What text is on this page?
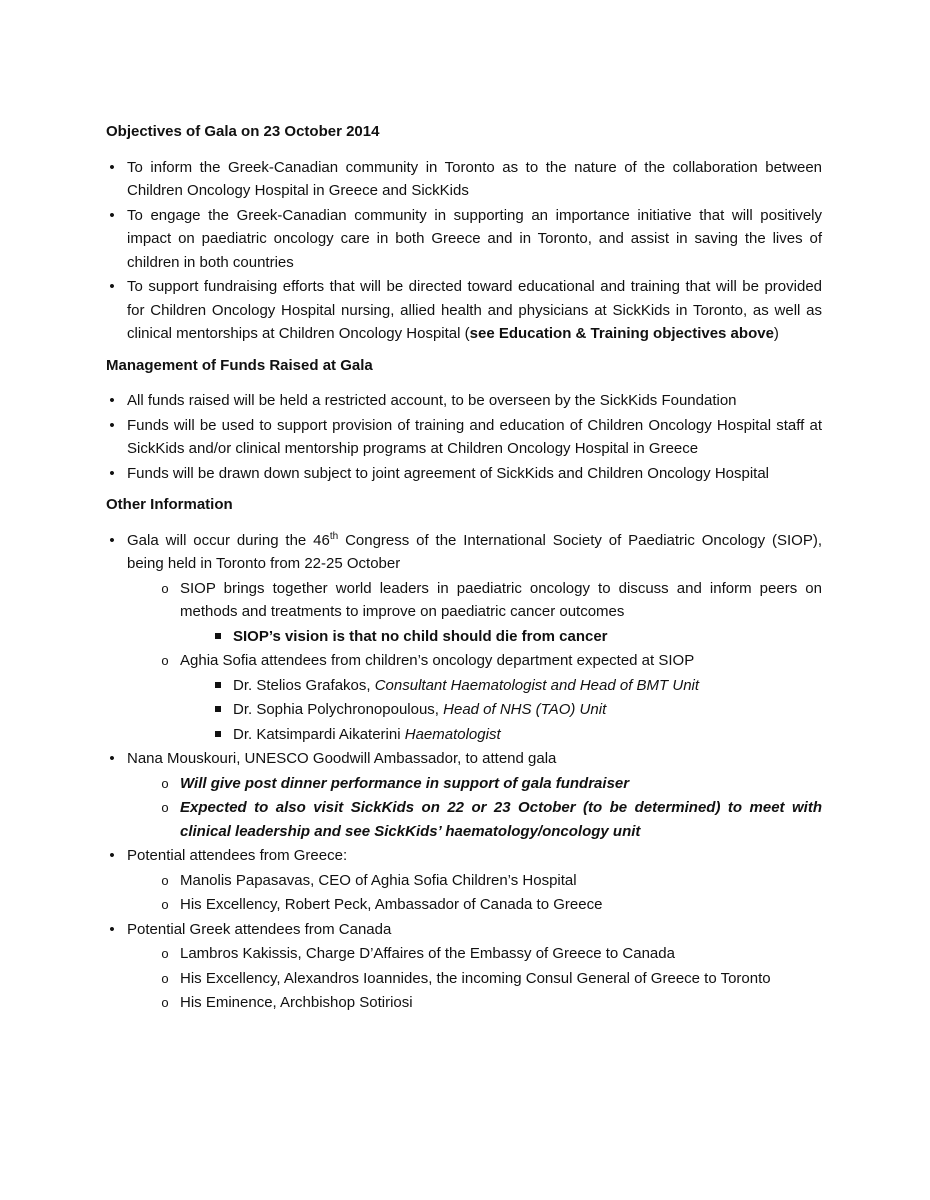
Objectives of Gala on 23 October 2014
• To inform the Greek-Canadian community in Toronto as to the nature of the collaboration between Children Oncology Hospital in Greece and SickKids
• To engage the Greek-Canadian community in supporting an importance initiative that will positively impact on paediatric oncology care in both Greece and in Toronto, and assist in saving the lives of children in both countries
• To support fundraising efforts that will be directed toward educational and training that will be provided for Children Oncology Hospital nursing, allied health and physicians at SickKids in Toronto, as well as clinical mentorships at Children Oncology Hospital (see Education & Training objectives above)
Management of Funds Raised at Gala
• All funds raised will be held a restricted account, to be overseen by the SickKids Foundation
• Funds will be used to support provision of training and education of Children Oncology Hospital staff at SickKids and/or clinical mentorship programs at Children Oncology Hospital in Greece
• Funds will be drawn down subject to joint agreement of SickKids and Children Oncology Hospital
Other Information
• Gala will occur during the 46th Congress of the International Society of Paediatric Oncology (SIOP), being held in Toronto from 22-25 October
o SIOP brings together world leaders in paediatric oncology to discuss and inform peers on methods and treatments to improve on paediatric cancer outcomes
SIOP’s vision is that no child should die from cancer
o Aghia Sofia attendees from children’s oncology department expected at SIOP
Dr. Stelios Grafakos, Consultant Haematologist and Head of BMT Unit
Dr. Sophia Polychronopoulous, Head of NHS (TAO) Unit
Dr. Katsimpardi Aikaterini Haematologist
• Nana Mouskouri, UNESCO Goodwill Ambassador, to attend gala
o Will give post dinner performance in support of gala fundraiser
o Expected to also visit SickKids on 22 or 23 October (to be determined) to meet with clinical leadership and see SickKids’ haematology/oncology unit
• Potential attendees from Greece:
o Manolis Papasavas, CEO of Aghia Sofia Children’s Hospital
o His Excellency, Robert Peck, Ambassador of Canada to Greece
• Potential Greek attendees from Canada
o Lambros Kakissis, Charge D’Affaires of the Embassy of Greece to Canada
o His Excellency, Alexandros Ioannides, the incoming Consul General of Greece to Toronto
o His Eminence, Archbishop Sotiriosi
